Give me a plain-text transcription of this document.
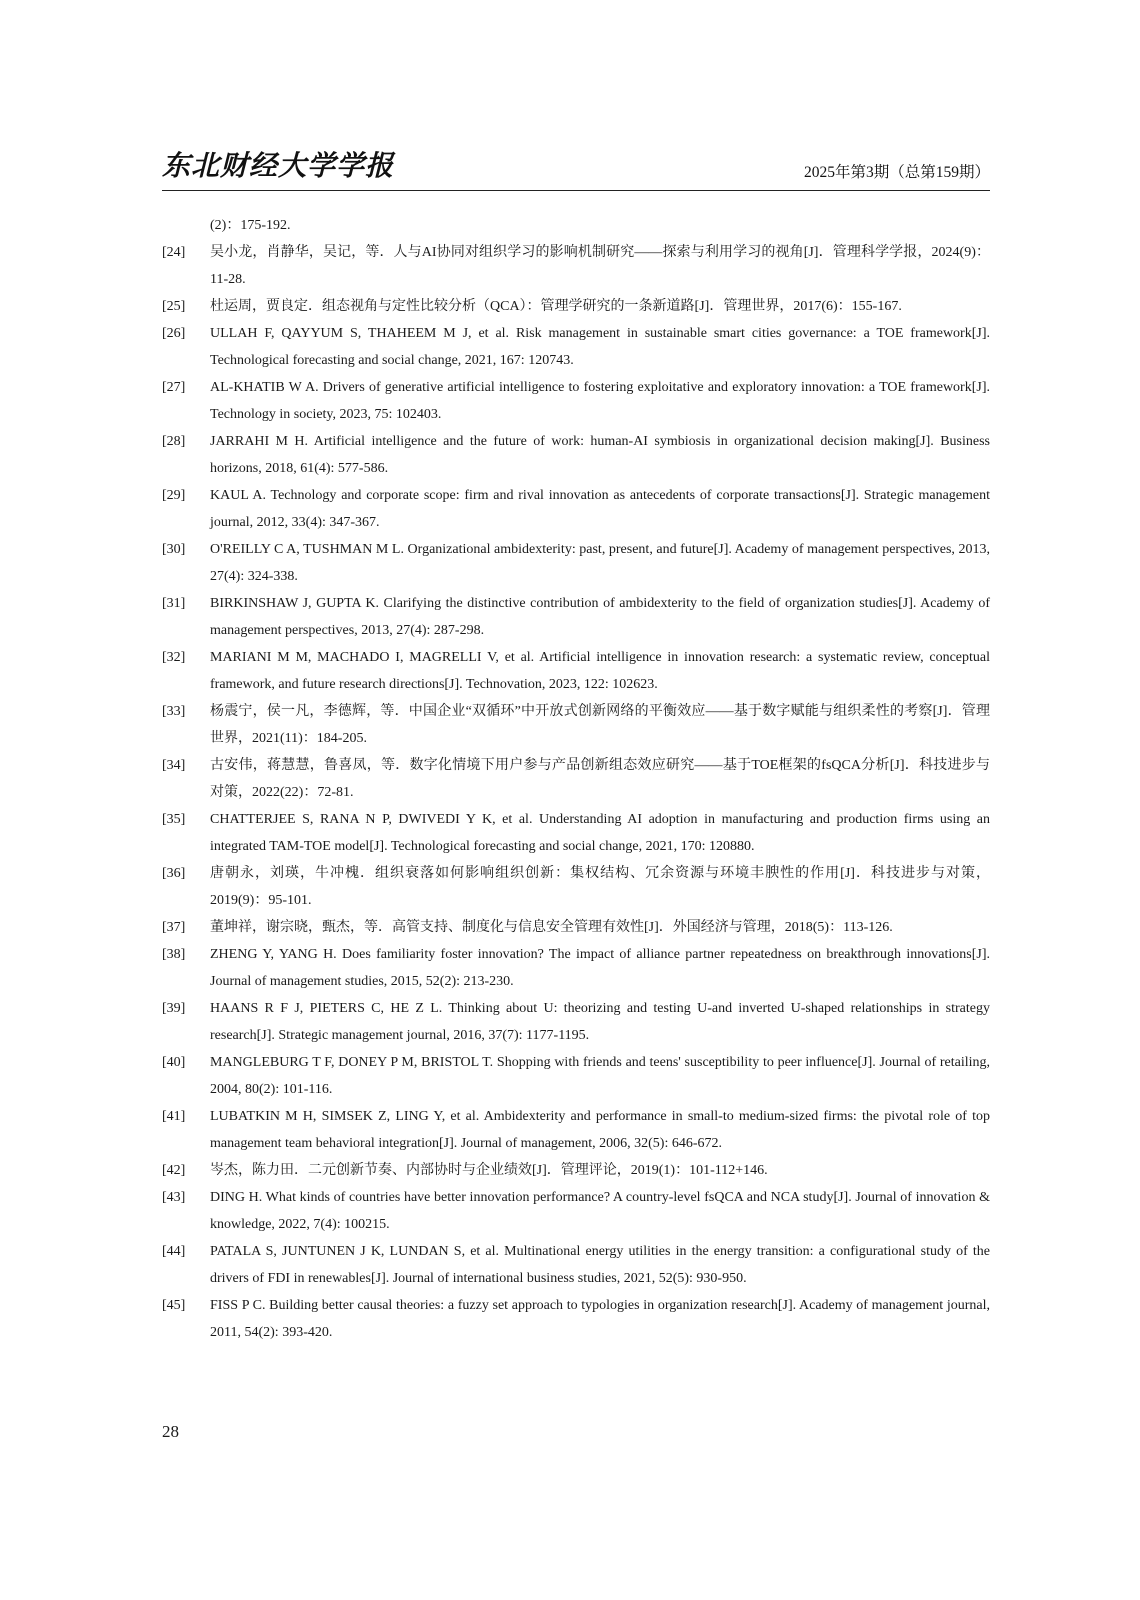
东北财经大学学报	2025年第3期（总第159期）
(2)：175-192.
[24]	吴小龙，肖静华，吴记，等．人与AI协同对组织学习的影响机制研究——探索与利用学习的视角[J]．管理科学学报，2024(9)：11-28.
[25]	杜运周，贾良定．组态视角与定性比较分析（QCA）：管理学研究的一条新道路[J]．管理世界，2017(6)：155-167.
[26]	ULLAH F, QAYYUM S, THAHEEM M J, et al. Risk management in sustainable smart cities governance: a TOE framework[J]. Technological forecasting and social change, 2021, 167: 120743.
[27]	AL-KHATIB W A. Drivers of generative artificial intelligence to fostering exploitative and exploratory innovation: a TOE framework[J]. Technology in society, 2023, 75: 102403.
[28]	JARRAHI M H. Artificial intelligence and the future of work: human-AI symbiosis in organizational decision making[J]. Business horizons, 2018, 61(4): 577-586.
[29]	KAUL A. Technology and corporate scope: firm and rival innovation as antecedents of corporate transactions[J]. Strategic management journal, 2012, 33(4): 347-367.
[30]	O'REILLY C A, TUSHMAN M L. Organizational ambidexterity: past, present, and future[J]. Academy of management perspectives, 2013, 27(4): 324-338.
[31]	BIRKINSHAW J, GUPTA K. Clarifying the distinctive contribution of ambidexterity to the field of organization studies[J]. Academy of management perspectives, 2013, 27(4): 287-298.
[32]	MARIANI M M, MACHADO I, MAGRELLI V, et al. Artificial intelligence in innovation research: a systematic review, conceptual framework, and future research directions[J]. Technovation, 2023, 122: 102623.
[33]	杨震宁，侯一凡，李德辉，等．中国企业“双循环”中开放式创新网络的平衡效应——基于数字赋能与组织柔性的考察[J]．管理世界，2021(11)：184-205.
[34]	古安伟，蒋慧慧，鲁喜凤，等．数字化情境下用户参与产品创新组态效应研究——基于TOE框架的fsQCA分析[J]．科技进步与对策，2022(22)：72-81.
[35]	CHATTERJEE S, RANA N P, DWIVEDI Y K, et al. Understanding AI adoption in manufacturing and production firms using an integrated TAM-TOE model[J]. Technological forecasting and social change, 2021, 170: 120880.
[36]	唐朝永，刘瑛，牛冲槐．组织衰落如何影响组织创新：集权结构、冗余资源与环境丰腴性的作用[J]．科技进步与对策，2019(9)：95-101.
[37]	董坤祥，谢宗晓，甄杰，等．高管支持、制度化与信息安全管理有效性[J]．外国经济与管理，2018(5)：113-126.
[38]	ZHENG Y, YANG H. Does familiarity foster innovation? The impact of alliance partner repeatedness on breakthrough innovations[J]. Journal of management studies, 2015, 52(2): 213-230.
[39]	HAANS R F J, PIETERS C, HE Z L. Thinking about U: theorizing and testing U-and inverted U-shaped relationships in strategy research[J]. Strategic management journal, 2016, 37(7): 1177-1195.
[40]	MANGLEBURG T F, DONEY P M, BRISTOL T. Shopping with friends and teens' susceptibility to peer influence[J]. Journal of retailing, 2004, 80(2): 101-116.
[41]	LUBATKIN M H, SIMSEK Z, LING Y, et al. Ambidexterity and performance in small-to medium-sized firms: the pivotal role of top management team behavioral integration[J]. Journal of management, 2006, 32(5): 646-672.
[42]	岑杰，陈力田．二元创新节奏、内部协时与企业绩效[J]．管理评论，2019(1)：101-112+146.
[43]	DING H. What kinds of countries have better innovation performance? A country-level fsQCA and NCA study[J]. Journal of innovation & knowledge, 2022, 7(4): 100215.
[44]	PATALA S, JUNTUNEN J K, LUNDAN S, et al. Multinational energy utilities in the energy transition: a configurational study of the drivers of FDI in renewables[J]. Journal of international business studies, 2021, 52(5): 930-950.
[45]	FISS P C. Building better causal theories: a fuzzy set approach to typologies in organization research[J]. Academy of management journal, 2011, 54(2): 393-420.
28
